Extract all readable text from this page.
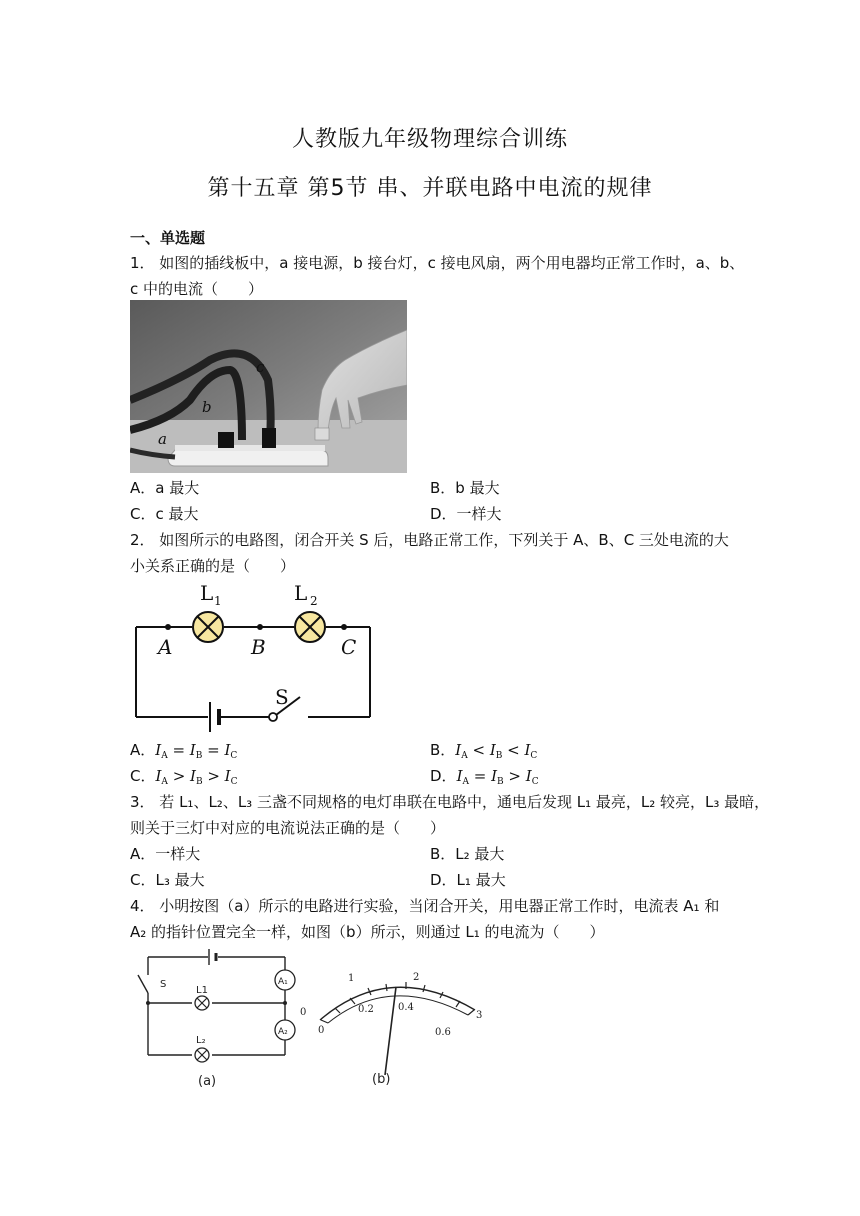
人教版九年级物理综合训练
第十五章 第5节 串、并联电路中电流的规律
一、单选题
1． 如图的插线板中，a 接电源，b 接台灯，c 接电风扇，两个用电器均正常工作时，a、b、
c 中的电流（　　）
c
b
a
A．a 最大	B．b 最大
C．c 最大	D．一样大
2． 如图所示的电路图，闭合开关 S 后，电路正常工作，下列关于 A、B、C 三处电流的大
小关系正确的是（　　）
L 1	L 2
A	B	C
S
A．$I_A = I_B = I_C$	B．$I_A < I_B < I_C$
C．$I_A > I_B > I_C$	D．$I_A = I_B > I_C$
3． 若 L₁、L₂、L₃ 三盏不同规格的电灯串联在电路中，通电后发现 L₁ 最亮，L₂ 较亮，L₃ 最暗，
则关于三灯中对应的电流说法正确的是（　　）
A．一样大	B．L₂ 最大
C．L₃ 最大	D．L₁ 最大
4． 小明按图（a）所示的电路进行实验，当闭合开关，用电器正常工作时，电流表 A₁ 和
A₂ 的指针位置完全一样，如图（b）所示，则通过 L₁ 的电流为（　　）
S
L1
L₂
A₁
A₂
(a)
0
1	2
3
0
0.2 0.4
0.6
(b)
